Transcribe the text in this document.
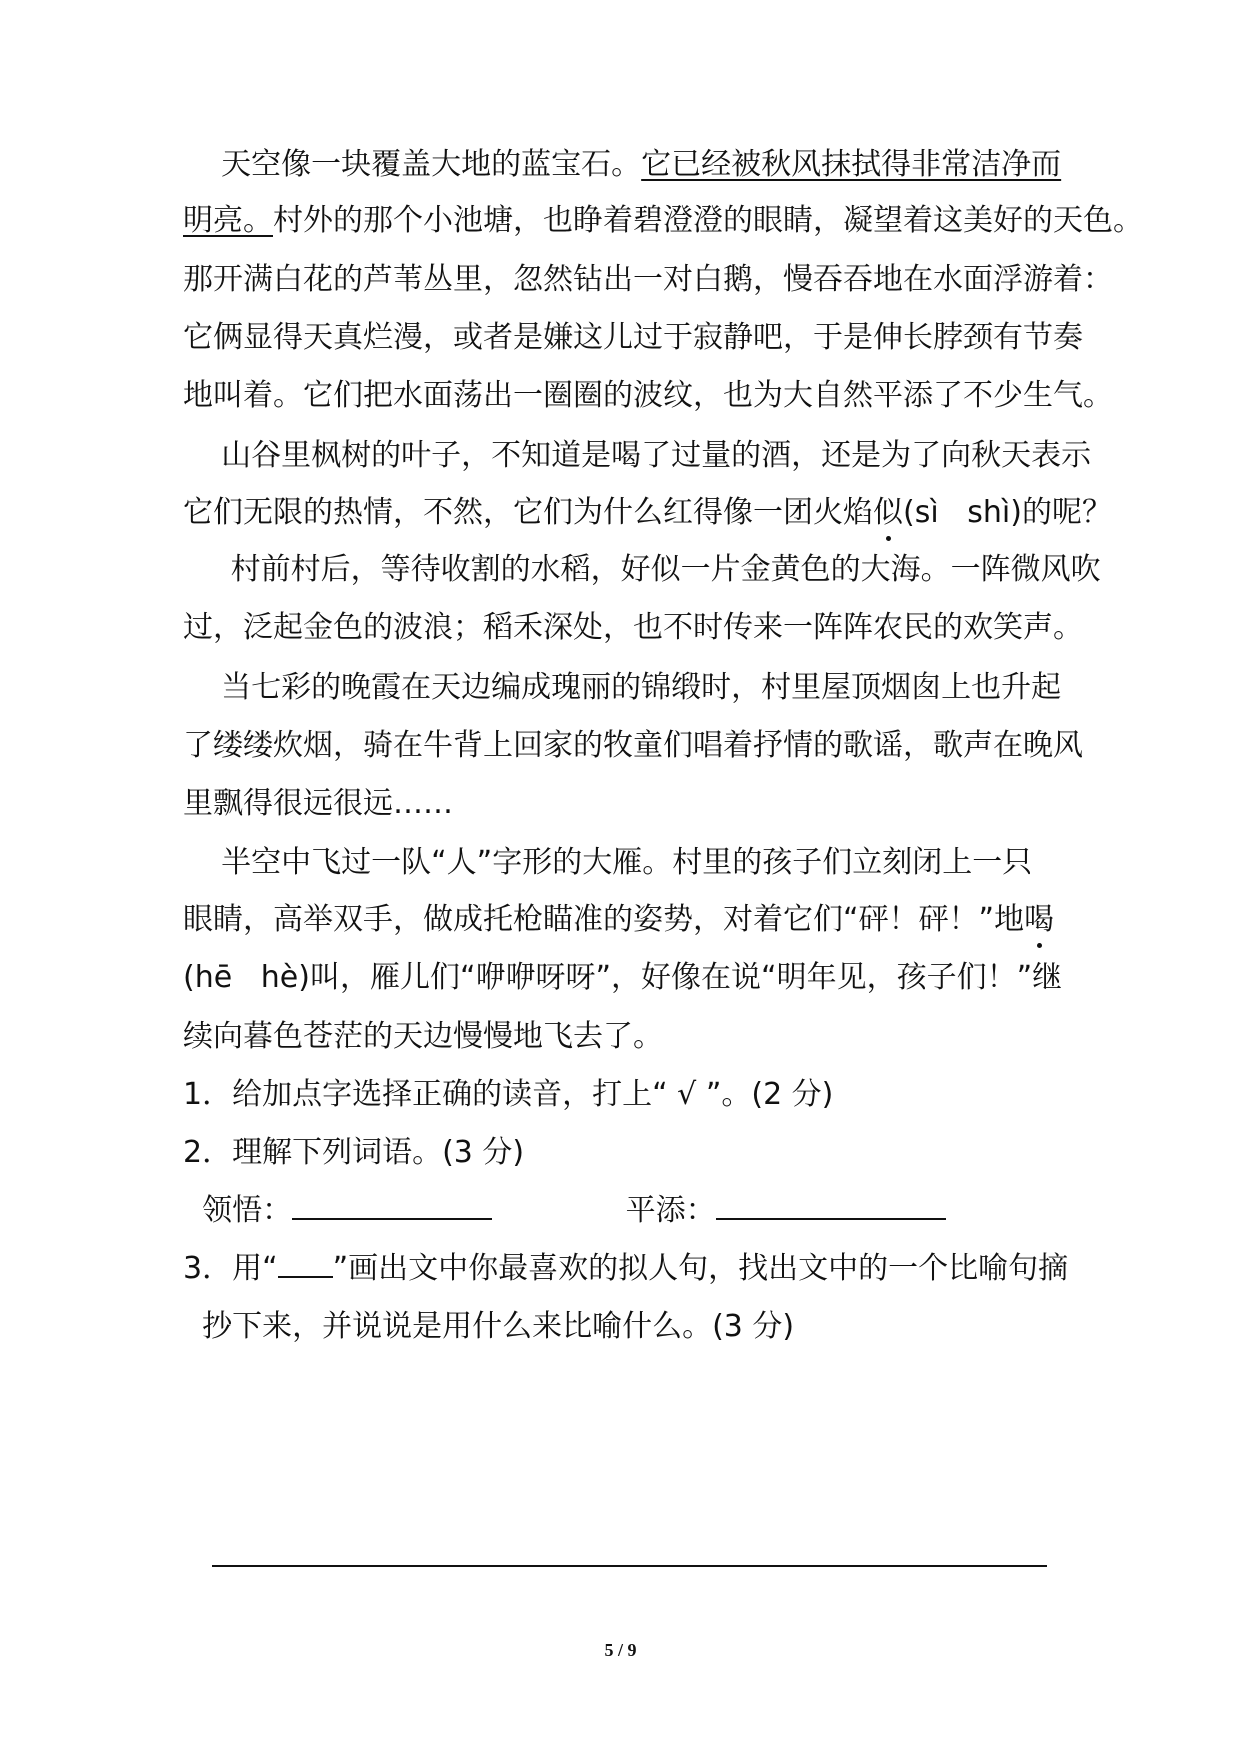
天空像一块覆盖大地的蓝宝石。它已经被秋风抹拭得非常洁净而
明亮。村外的那个小池塘，也睁着碧澄澄的眼睛，凝望着这美好的天色。
那开满白花的芦苇丛里，忽然钻出一对白鹅，慢吞吞地在水面浮游着：
它俩显得天真烂漫，或者是嫌这儿过于寂静吧，于是伸长脖颈有节奏
地叫着。它们把水面荡出一圈圈的波纹，也为大自然平添了不少生气。
山谷里枫树的叶子，不知道是喝了过量的酒，还是为了向秋天表示
它们无限的热情，不然，它们为什么红得像一团火焰似(sì   shì)的呢？
村前村后，等待收割的水稻，好似一片金黄色的大海。一阵微风吹
过，泛起金色的波浪；稻禾深处，也不时传来一阵阵农民的欢笑声。
当七彩的晚霞在天边编成瑰丽的锦缎时，村里屋顶烟囱上也升起
了缕缕炊烟，骑在牛背上回家的牧童们唱着抒情的歌谣，歌声在晚风
里飘得很远很远……
半空中飞过一队“人”字形的大雁。村里的孩子们立刻闭上一只
眼睛，高举双手，做成托枪瞄准的姿势，对着它们“砰！砰！”地喝
(hē   hè)叫，雁儿们“咿咿呀呀”，好像在说“明年见，孩子们！”继
续向暮色苍茫的天边慢慢地飞去了。
1．给加点字选择正确的读音，打上“ √ ”。(2 分)
2．理解下列词语。(3 分)
领悟：	平添：
3．用“ ”画出文中你最喜欢的拟人句，找出文中的一个比喻句摘
抄下来，并说说是用什么来比喻什么。(3 分)
5 / 9
